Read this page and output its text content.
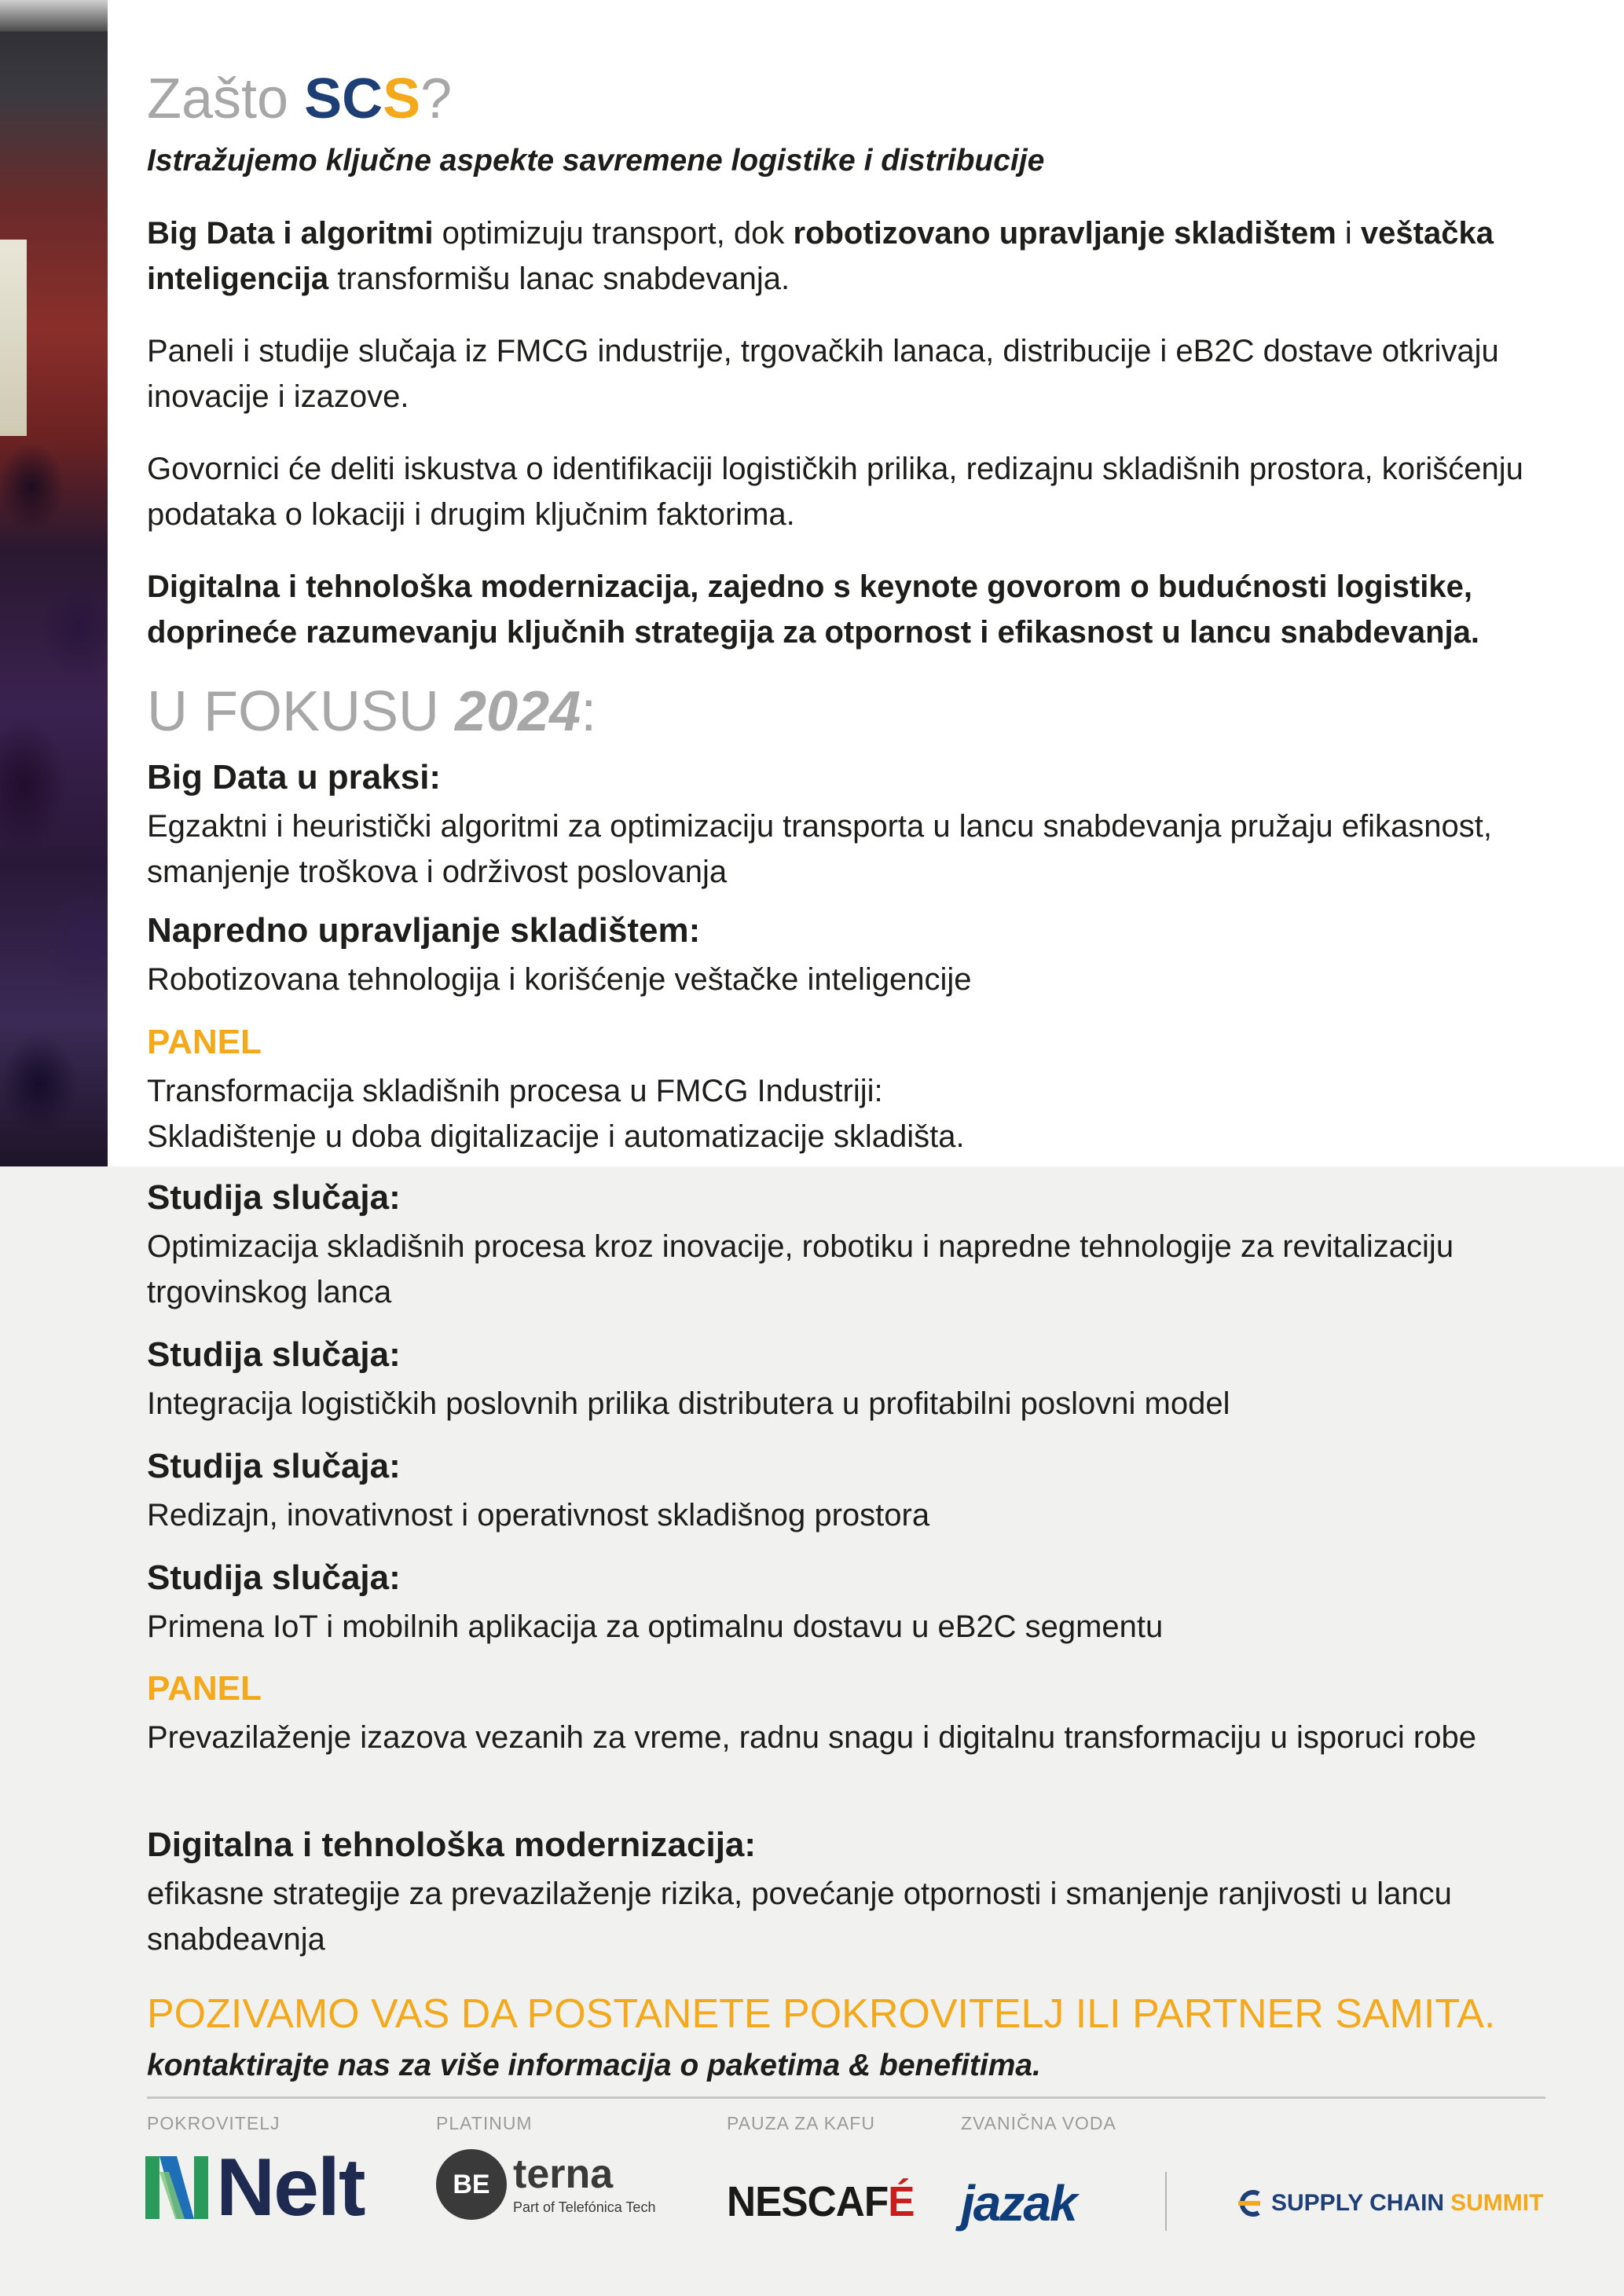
Zašto SCS?
Istražujemo ključne aspekte savremene logistike i distribucije
Big Data i algoritmi optimizuju transport, dok robotizovano upravljanje skladištem i veštačka inteligencija transformišu lanac snabdevanja.
Paneli i studije slučaja iz FMCG industrije, trgovačkih lanaca, distribucije i eB2C dostave otkrivaju inovacije i izazove.
Govornici će deliti iskustva o identifikaciji logističkih prilika, redizajnu skladišnih prostora, korišćenju podataka o lokaciji i drugim ključnim faktorima.
Digitalna i tehnološka modernizacija, zajedno s keynote govorom o budućnosti logistike, doprineće razumevanju ključnih strategija za otpornost i efikasnost u lancu snabdevanja.
U FOKUSU 2024:
Big Data u praksi:
Egzaktni i heuristički algoritmi za optimizaciju transporta u lancu snabdevanja pružaju efikasnost, smanjenje troškova i održivost poslovanja
Napredno upravljanje skladištem:
Robotizovana tehnologija i korišćenje veštačke inteligencije
PANEL
Transformacija skladišnih procesa u FMCG Industriji: Skladištenje u doba digitalizacije i automatizacije skladišta.
Studija slučaja:
Optimizacija skladišnih procesa kroz inovacije, robotiku i napredne tehnologije za revitalizaciju trgovinskog lanca
Studija slučaja:
Integracija logističkih poslovnih prilika distributera u profitabilni poslovni model
Studija slučaja:
Redizajn, inovativnost i operativnost skladišnog prostora
Studija slučaja:
Primena IoT i mobilnih aplikacija za optimalnu dostavu u eB2C segmentu
PANEL
Prevazilaženje izazova vezanih za vreme, radnu snagu i digitalnu transformaciju u isporuci robe
Digitalna i tehnološka modernizacija:
efikasne strategije za prevazilaženje rizika, povećanje otpornosti i smanjenje ranjivosti u lancu snabdeavnja
POZIVAMO VAS DA POSTANETE POKROVITELJ ILI PARTNER SAMITA.
kontaktirajte nas za više informacija o paketima & benefitima.
POKROVITELJ	PLATINUM	PAUZA ZA KAFU	ZVANIČNA VODA
Nelt	BE terna
Part of Telefónica Tech NESCAFÉ jazak	SUPPLY CHAIN SUMMIT
